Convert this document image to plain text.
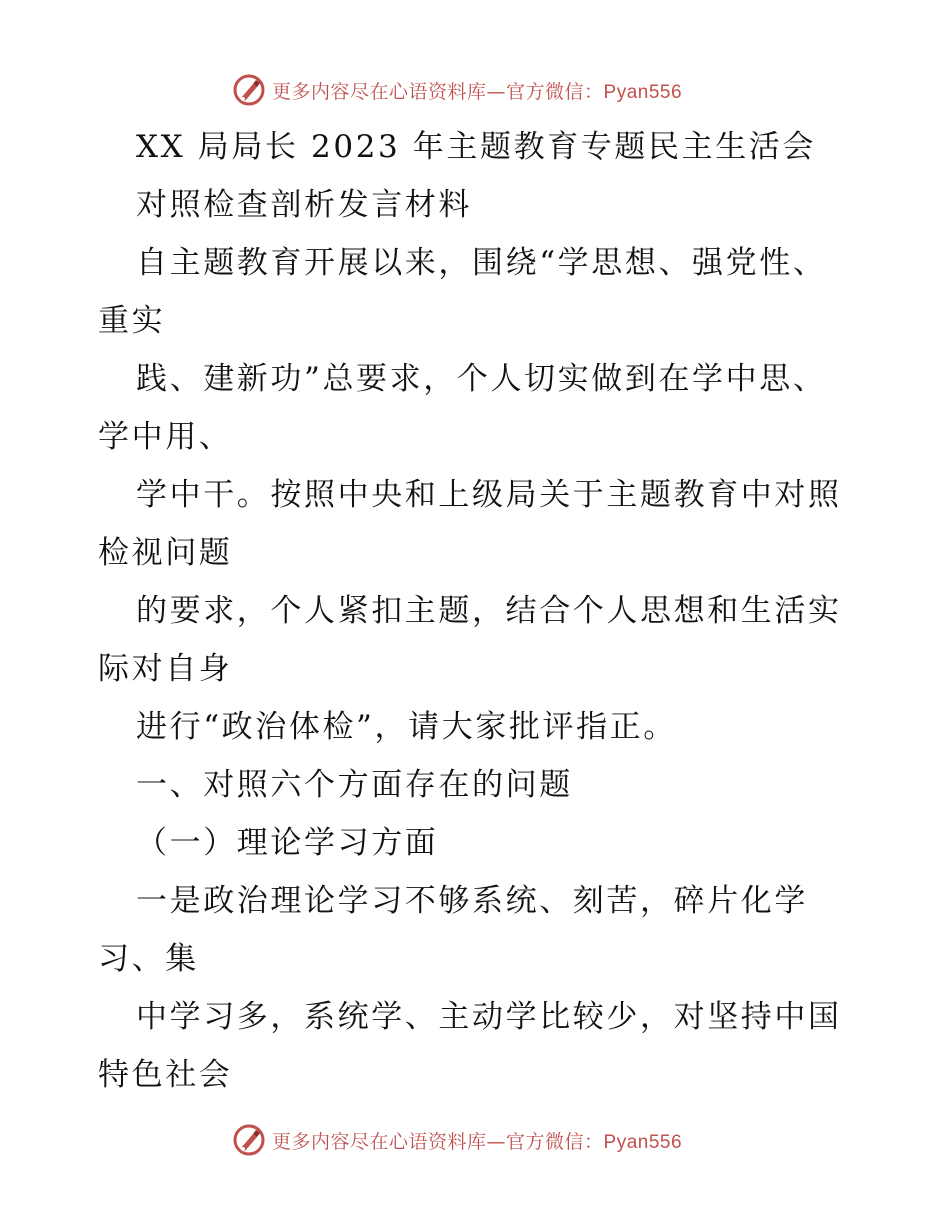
更多内容尽在心语资料库—官方微信：Pyan556
XX 局局长 2023 年主题教育专题民主生活会
对照检查剖析发言材料
自主题教育开展以来，围绕“学思想、强党性、
重实
践、建新功”总要求，个人切实做到在学中思、
学中用、
学中干。按照中央和上级局关于主题教育中对照
检视问题
的要求，个人紧扣主题，结合个人思想和生活实
际对自身
进行“政治体检”，请大家批评指正。
一、对照六个方面存在的问题
（一）理论学习方面
一是政治理论学习不够系统、刻苦，碎片化学
习、集
中学习多，系统学、主动学比较少，对坚持中国
特色社会
更多内容尽在心语资料库—官方微信：Pyan556
